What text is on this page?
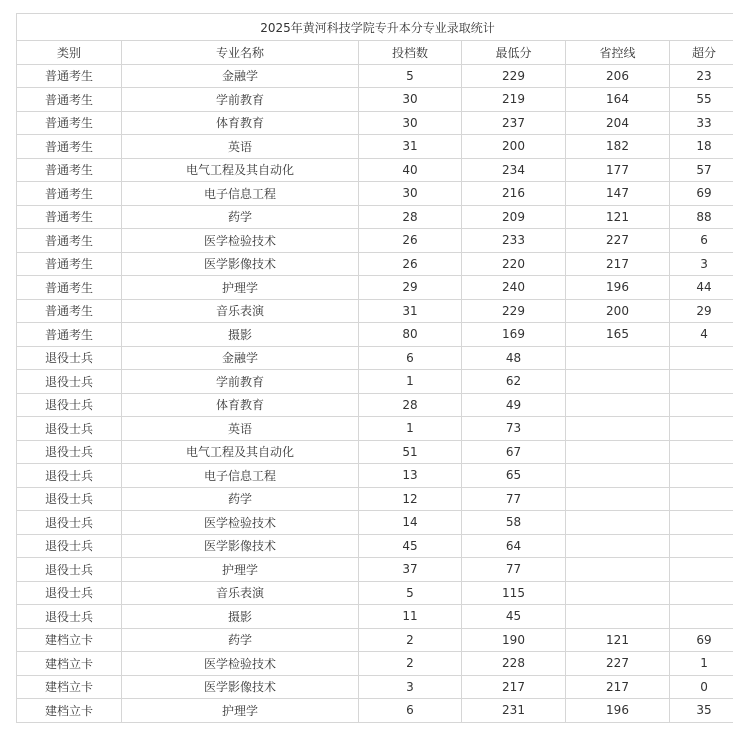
2025年黄河科技学院专升本分专业录取统计					
类别	专业名称	投档数	最低分	省控线	超分
普通考生	金融学	5	229	206	23
普通考生	学前教育	30	219	164	55
普通考生	体育教育	30	237	204	33
普通考生	英语	31	200	182	18
普通考生	电气工程及其自动化	40	234	177	57
普通考生	电子信息工程	30	216	147	69
普通考生	药学	28	209	121	88
普通考生	医学检验技术	26	233	227	6
普通考生	医学影像技术	26	220	217	3
普通考生	护理学	29	240	196	44
普通考生	音乐表演	31	229	200	29
普通考生	摄影	80	169	165	4
退役士兵	金融学	6	48		
退役士兵	学前教育	1	62		
退役士兵	体育教育	28	49		
退役士兵	英语	1	73		
退役士兵	电气工程及其自动化	51	67		
退役士兵	电子信息工程	13	65		
退役士兵	药学	12	77		
退役士兵	医学检验技术	14	58		
退役士兵	医学影像技术	45	64		
退役士兵	护理学	37	77		
退役士兵	音乐表演	5	115		
退役士兵	摄影	11	45		
建档立卡	药学	2	190	121	69
建档立卡	医学检验技术	2	228	227	1
建档立卡	医学影像技术	3	217	217	0
建档立卡	护理学	6	231	196	35
